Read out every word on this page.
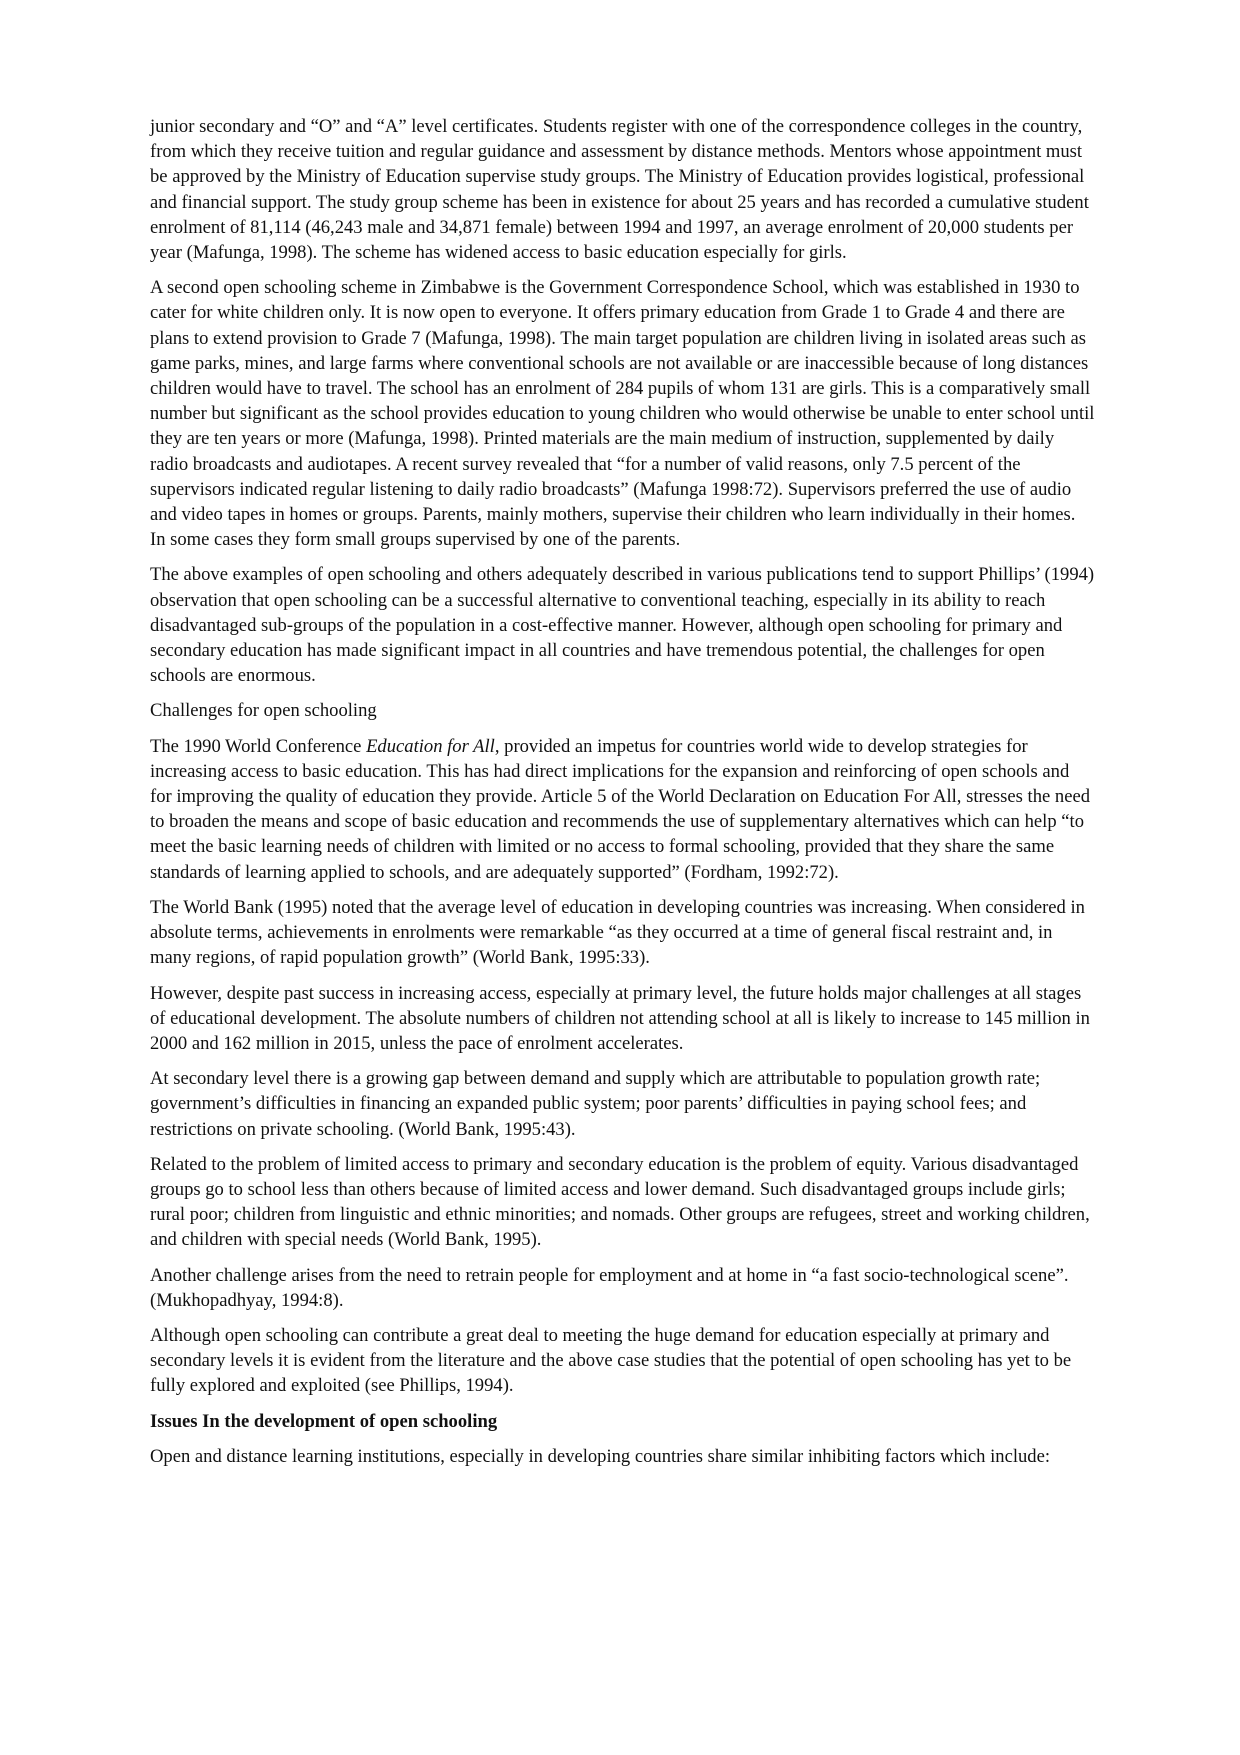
junior secondary and “O” and “A” level certificates. Students register with one of the correspondence colleges in the country, from which they receive tuition and regular guidance and assessment by distance methods. Mentors whose appointment must be approved by the Ministry of Education supervise study groups. The Ministry of Education provides logistical, professional and financial support. The study group scheme has been in existence for about 25 years and has recorded a cumulative student enrolment of 81,114 (46,243 male and 34,871 female) between 1994 and 1997, an average enrolment of 20,000 students per year (Mafunga, 1998). The scheme has widened access to basic education especially for girls.

A second open schooling scheme in Zimbabwe is the Government Correspondence School, which was established in 1930 to cater for white children only. It is now open to everyone. It offers primary education from Grade 1 to Grade 4 and there are plans to extend provision to Grade 7 (Mafunga, 1998). The main target population are children living in isolated areas such as game parks, mines, and large farms where conventional schools are not available or are inaccessible because of long distances children would have to travel. The school has an enrolment of 284 pupils of whom 131 are girls. This is a comparatively small number but significant as the school provides education to young children who would otherwise be unable to enter school until they are ten years or more (Mafunga, 1998). Printed materials are the main medium of instruction, supplemented by daily radio broadcasts and audiotapes. A recent survey revealed that “for a number of valid reasons, only 7.5 percent of the supervisors indicated regular listening to daily radio broadcasts” (Mafunga 1998:72). Supervisors preferred the use of audio and video tapes in homes or groups. Parents, mainly mothers, supervise their children who learn individually in their homes. In some cases they form small groups supervised by one of the parents.

The above examples of open schooling and others adequately described in various publications tend to support Phillips’ (1994) observation that open schooling can be a successful alternative to conventional teaching, especially in its ability to reach disadvantaged sub-groups of the population in a cost-effective manner. However, although open schooling for primary and secondary education has made significant impact in all countries and have tremendous potential, the challenges for open schools are enormous.

Challenges for open schooling

The 1990 World Conference Education for All, provided an impetus for countries world wide to develop strategies for increasing access to basic education. This has had direct implications for the expansion and reinforcing of open schools and for improving the quality of education they provide. Article 5 of the World Declaration on Education For All, stresses the need to broaden the means and scope of basic education and recommends the use of supplementary alternatives which can help “to meet the basic learning needs of children with limited or no access to formal schooling, provided that they share the same standards of learning applied to schools, and are adequately supported” (Fordham, 1992:72).

The World Bank (1995) noted that the average level of education in developing countries was increasing. When considered in absolute terms, achievements in enrolments were remarkable “as they occurred at a time of general fiscal restraint and, in many regions, of rapid population growth” (World Bank, 1995:33).

However, despite past success in increasing access, especially at primary level, the future holds major challenges at all stages of educational development. The absolute numbers of children not attending school at all is likely to increase to 145 million in 2000 and 162 million in 2015, unless the pace of enrolment accelerates.

At secondary level there is a growing gap between demand and supply which are attributable to population growth rate; government’s difficulties in financing an expanded public system; poor parents’ difficulties in paying school fees; and restrictions on private schooling. (World Bank, 1995:43).

Related to the problem of limited access to primary and secondary education is the problem of equity. Various disadvantaged groups go to school less than others because of limited access and lower demand. Such disadvantaged groups include girls; rural poor; children from linguistic and ethnic minorities; and nomads. Other groups are refugees, street and working children, and children with special needs (World Bank, 1995).

Another challenge arises from the need to retrain people for employment and at home in “a fast socio-technological scene”. (Mukhopadhyay, 1994:8).

Although open schooling can contribute a great deal to meeting the huge demand for education especially at primary and secondary levels it is evident from the literature and the above case studies that the potential of open schooling has yet to be fully explored and exploited (see Phillips, 1994).

Issues In the development of open schooling

Open and distance learning institutions, especially in developing countries share similar inhibiting factors which include:
